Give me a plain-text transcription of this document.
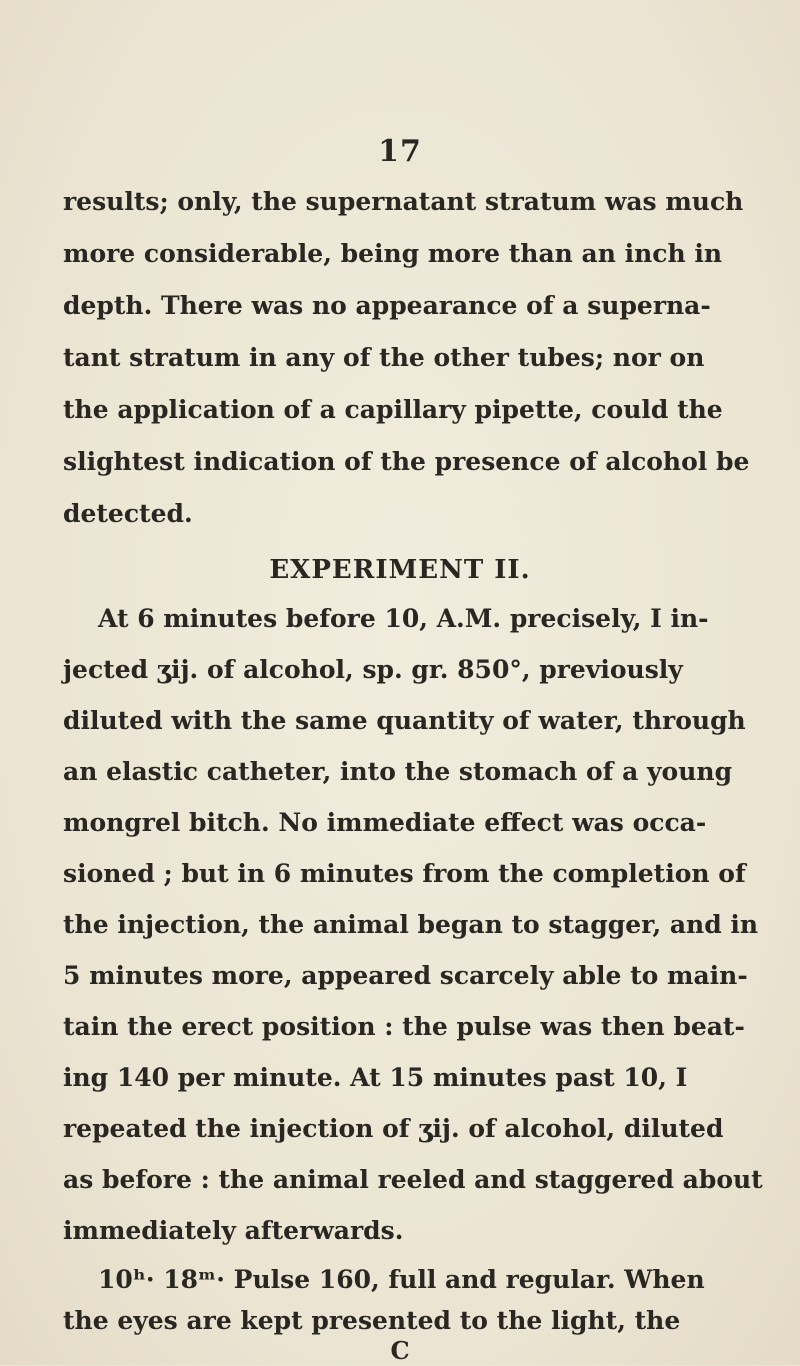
17
EXPERIMENT II.
results; only, the supernatant stratum was much
more considerable, being more than an inch in
depth. There was no appearance of a superna-
tant stratum in any of the other tubes; nor on
the application of a capillary pipette, could the
slightest indication of the presence of alcohol be
detected.
At 6 minutes before 10, A.M. precisely, I in-
jected ʒij. of alcohol, sp. gr. 850°, previously
diluted with the same quantity of water, through
an elastic catheter, into the stomach of a young
mongrel bitch. No immediate effect was occa-
sioned ; but in 6 minutes from the completion of
the injection, the animal began to stagger, and in
5 minutes more, appeared scarcely able to main-
tain the erect position : the pulse was then beat-
ing 140 per minute. At 15 minutes past 10, I
repeated the injection of ʒij. of alcohol, diluted
as before : the animal reeled and staggered about
immediately afterwards.
10ʰ· 18ᵐ· Pulse 160, full and regular. When
the eyes are kept presented to the light, the
C
